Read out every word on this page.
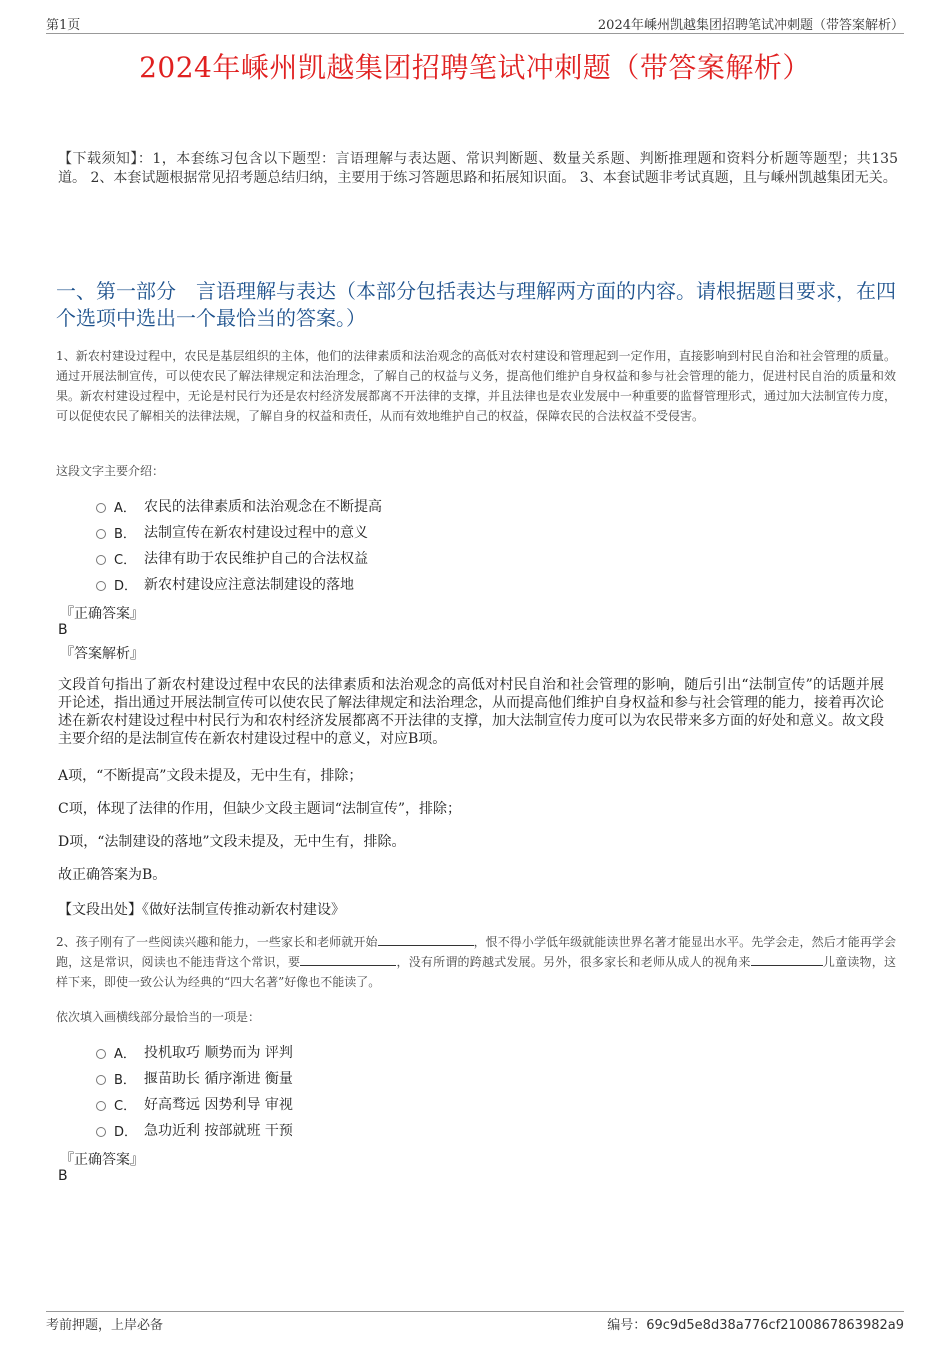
第1页	2024年嵊州凯越集团招聘笔试冲刺题（带答案解析）
2024年嵊州凯越集团招聘笔试冲刺题（带答案解析）
【下载须知】：1，本套练习包含以下题型：言语理解与表达题、常识判断题、数量关系题、判断推理题和资料分析题等题型；共135道。 2、本套试题根据常见招考题总结归纳，主要用于练习答题思路和拓展知识面。 3、本套试题非考试真题，且与嵊州凯越集团无关。
一、第一部分　言语理解与表达（本部分包括表达与理解两方面的内容。请根据题目要求，在四个选项中选出一个最恰当的答案。）
1、新农村建设过程中，农民是基层组织的主体，他们的法律素质和法治观念的高低对农村建设和管理起到一定作用，直接影响到村民自治和社会管理的质量。通过开展法制宣传，可以使农民了解法律规定和法治理念，了解自己的权益与义务，提高他们维护自身权益和参与社会管理的能力，促进村民自治的质量和效果。新农村建设过程中，无论是村民行为还是农村经济发展都离不开法律的支撑，并且法律也是农业发展中一种重要的监督管理形式，通过加大法制宣传力度，可以促使农民了解相关的法律法规，了解自身的权益和责任，从而有效地维护自己的权益，保障农民的合法权益不受侵害。
这段文字主要介绍：
A． 农民的法律素质和法治观念在不断提高
B． 法制宣传在新农村建设过程中的意义
C． 法律有助于农民维护自己的合法权益
D． 新农村建设应注意法制建设的落地
『正确答案』
B
『答案解析』
文段首句指出了新农村建设过程中农民的法律素质和法治观念的高低对村民自治和社会管理的影响，随后引出“法制宣传”的话题并展开论述，指出通过开展法制宣传可以使农民了解法律规定和法治理念，从而提高他们维护自身权益和参与社会管理的能力，接着再次论述在新农村建设过程中村民行为和农村经济发展都离不开法律的支撑，加大法制宣传力度可以为农民带来多方面的好处和意义。故文段主要介绍的是法制宣传在新农村建设过程中的意义，对应B项。
A项，“不断提高”文段未提及，无中生有，排除；
C项，体现了法律的作用，但缺少文段主题词“法制宣传”，排除；
D项，“法制建设的落地”文段未提及，无中生有，排除。
故正确答案为B。
【文段出处】《做好法制宣传推动新农村建设》
2、孩子刚有了一些阅读兴趣和能力，一些家长和老师就开始	，恨不得小学低年级就能读世界名著才能显出水平。先学会走，然后才能再学会跑，这是常识，阅读也不能违背这个常识，要	，没有所谓的跨越式发展。另外，很多家长和老师从成人的视角来	儿童读物，这样下来，即使一致公认为经典的“四大名著”好像也不能读了。
依次填入画横线部分最恰当的一项是：
A． 投机取巧 顺势而为 评判
B． 揠苗助长 循序渐进 衡量
C． 好高骛远 因势利导 审视
D． 急功近利 按部就班 干预
『正确答案』
B
考前押题，上岸必备	编号：69c9d5e8d38a776cf2100867863982a9
